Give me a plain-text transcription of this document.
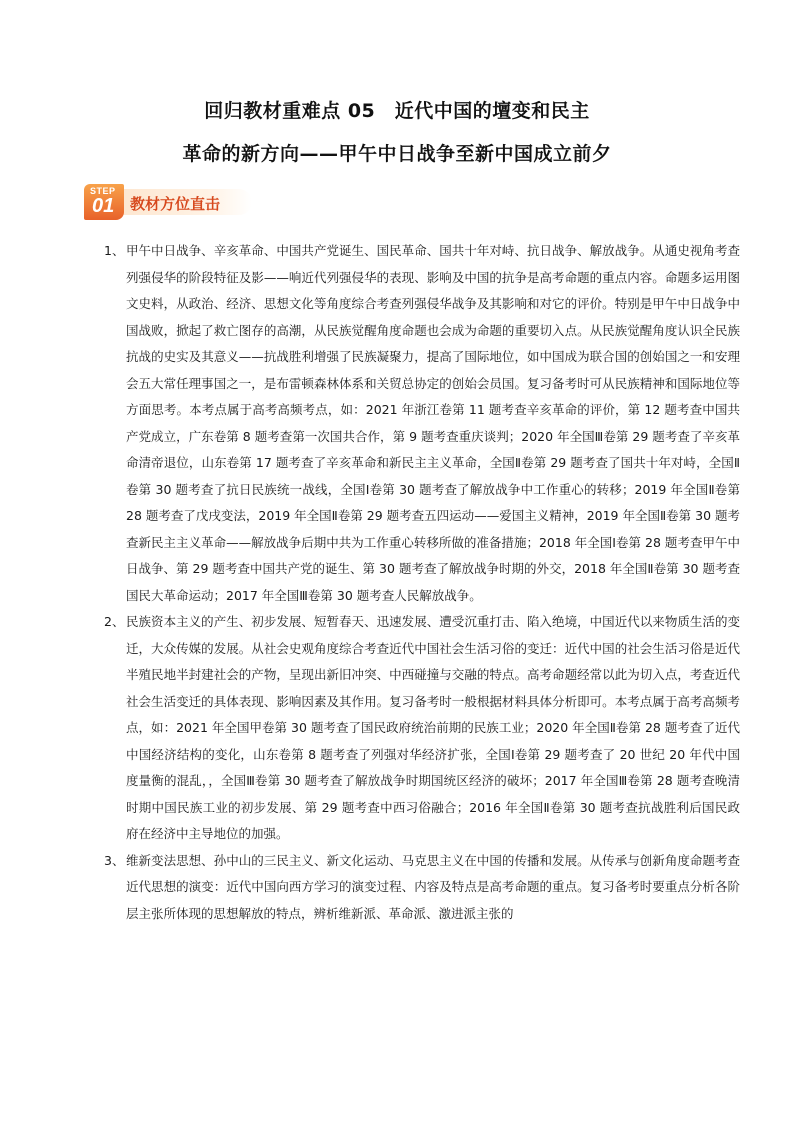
回归教材重难点 05　近代中国的壇变和民主
革命的新方向——甲午中日战争至新中国成立前夕
教材方位直击
STEP
01
1、 甲午中日战争、辛亥革命、中国共产党诞生、国民革命、国共十年对峙、抗日战争、解放战争。从通史视角考查列强侵华的阶段特征及影——响近代列强侵华的表现、影响及中国的抗争是高考命题的重点内容。命题多运用图文史料，从政治、经济、思想文化等角度综合考查列强侵华战争及其影响和对它的评价。特别是甲午中日战争中国战败，掀起了救亡图存的高潮，从民族觉醒角度命题也会成为命题的重要切入点。从民族觉醒角度认识全民族抗战的史实及其意义——抗战胜利增强了民族凝聚力，提高了国际地位，如中国成为联合国的创始国之一和安理会五大常任理事国之一，是布雷顿森林体系和关贸总协定的创始会员国。复习备考时可从民族精神和国际地位等方面思考。本考点属于高考高频考点，如：2021 年浙江卷第 11 题考查辛亥革命的评价，第 12 题考查中国共产党成立，广东卷第 8 题考查第一次国共合作，第 9 题考查重庆谈判；2020 年全国Ⅲ卷第 29 题考查了辛亥革命清帝退位，山东卷第 17 题考查了辛亥革命和新民主主义革命，全国Ⅱ卷第 29 题考查了国共十年对峙，全国Ⅱ卷第 30 题考查了抗日民族统一战线，全国Ⅰ卷第 30 题考查了解放战争中工作重心的转移；2019 年全国Ⅱ卷第 28 题考查了戊戌变法，2019 年全国Ⅱ卷第 29 题考查五四运动——爱国主义精神，2019 年全国Ⅱ卷第 30 题考查新民主主义革命——解放战争后期中共为工作重心转移所做的准备措施；2018 年全国Ⅰ卷第 28 题考查甲午中日战争、第 29 题考查中国共产党的诞生、第 30 题考查了解放战争时期的外交，2018 年全国Ⅱ卷第 30 题考查国民大革命运动；2017 年全国Ⅲ卷第 30 题考查人民解放战争。
2、 民族资本主义的产生、初步发展、短暂春天、迅速发展、遭受沉重打击、陷入绝境，中国近代以来物质生活的变迁，大众传媒的发展。从社会史观角度综合考查近代中国社会生活习俗的变迁：近代中国的社会生活习俗是近代半殖民地半封建社会的产物，呈现出新旧冲突、中西碰撞与交融的特点。高考命题经常以此为切入点，考查近代社会生活变迁的具体表现、影响因素及其作用。复习备考时一般根据材料具体分析即可。本考点属于高考高频考点，如：2021 年全国甲卷第 30 题考查了国民政府统治前期的民族工业；2020 年全国Ⅱ卷第 28 题考查了近代中国经济结构的变化，山东卷第 8 题考查了列强对华经济扩张，全国Ⅰ卷第 29 题考查了 20 世纪 20 年代中国度量衡的混乱，，全国Ⅲ卷第 30 题考查了解放战争时期国统区经济的破坏；2017 年全国Ⅲ卷第 28 题考查晚清时期中国民族工业的初步发展、第 29 题考查中西习俗融合；2016 年全国Ⅱ卷第 30 题考查抗战胜利后国民政府在经济中主导地位的加强。
3、 维新变法思想、孙中山的三民主义、新文化运动、马克思主义在中国的传播和发展。从传承与创新角度命题考查近代思想的演变：近代中国向西方学习的演变过程、内容及特点是高考命题的重点。复习备考时要重点分析各阶层主张所体现的思想解放的特点，辨析维新派、革命派、激进派主张的
